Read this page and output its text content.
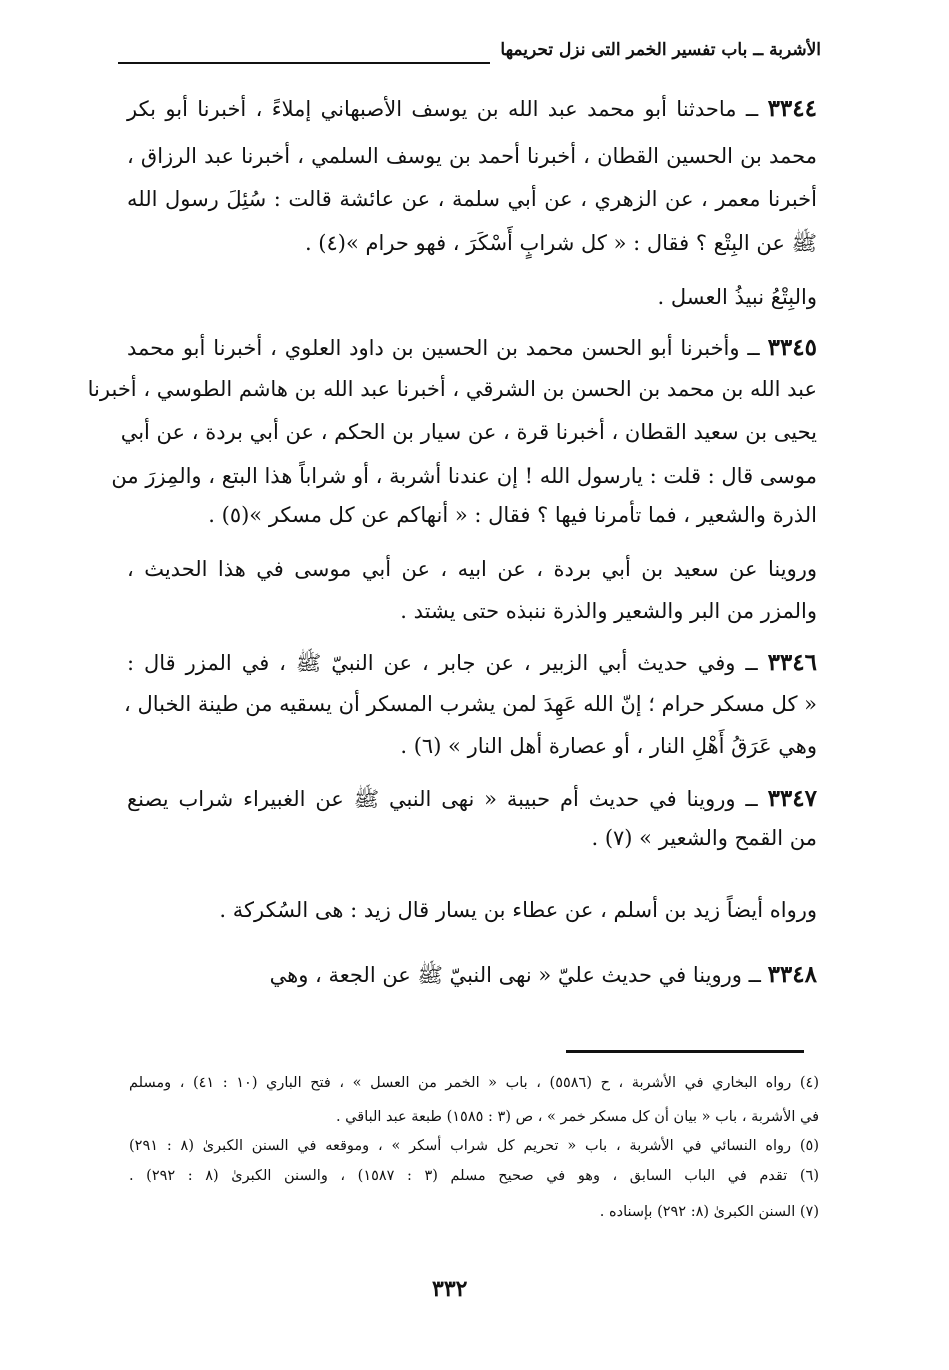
الأشربة ــ باب تفسير الخمر التى نزل تحريمها
٣٣٤٤ ــ ماحدثنا أبو محمد عبد الله بن يوسف الأصبهاني إملاءً ، أخبرنا أبو بكر
محمد بن الحسين القطان ، أخبرنا أحمد بن يوسف السلمي ، أخبرنا عبد الرزاق ،
أخبرنا معمر ، عن الزهري ، عن أبي سلمة ، عن عائشة قالت : سُئِلَ رسول الله
ﷺ عن البِتْع ؟ فقال : « كل شرابٍ أَسْكَرَ ، فهو حرام »(٤) .
والبِتْعُ نبيذُ العسل .
٣٣٤٥ ــ وأخبرنا أبو الحسن محمد بن الحسين بن داود العلوي ، أخبرنا أبو محمد
عبد الله بن محمد بن الحسن بن الشرقي ، أخبرنا عبد الله بن هاشم الطوسي ، أخبرنا
يحيى بن سعيد القطان ، أخبرنا قرة ، عن سيار بن الحكم ، عن أبي بردة ، عن أبي
موسى قال : قلت : يارسول الله ! إن عندنا أشربة ، أو شراباً هذا البتع ، والمِزرَ من
الذرة والشعير ، فما تأمرنا فيها ؟ فقال : « أنهاكم عن كل مسكر »(٥) .
وروينا عن سعيد بن أبي بردة ، عن ابيه ، عن أبي موسى في هذا الحديث ،
والمزر من البر والشعير والذرة ننبذه حتى يشتد .
٣٣٤٦ ــ وفي حديث أبي الزبير ، عن جابر ، عن النبيّ ﷺ ، في المزر قال :
« كل مسكر حرام ؛ إنّ الله عَهِدَ لمن يشرب المسكر أن يسقيه من طينة الخبال ،
وهي عَرَقُ أَهْلِ النار ، أو عصارة أهل النار » (٦) .
٣٣٤٧ ــ وروينا في حديث أم حبيبة « نهى النبي ﷺ عن الغبيراء شراب يصنع
من القمح والشعير » (٧) .
ورواه أيضاً زيد بن أسلم ، عن عطاء بن يسار قال زيد : هى السُكركة .
٣٣٤٨ ــ وروينا في حديث عليّ « نهى النبيّ ﷺ عن الجعة ، وهي
(٤) رواه البخاري في الأشربة ، ح (٥٥٨٦) ، باب « الخمر من العسل » ، فتح الباري (١٠ : ٤١) ، ومسلم
في الأشربة ، باب « بيان أن كل مسكر خمر » ، ص (٣ : ١٥٨٥) طبعة عبد الباقي .
(٥) رواه النسائي في الأشربة ، باب « تحريم كل شراب أسكر » ، وموقعه في السنن الكبرىٰ (٨ : ٢٩١)
(٦) تقدم في الباب السابق ، وهو في صحيح مسلم (٣ : ١٥٨٧) ، والسنن الكبرىٰ (٨ : ٢٩٢) .
(٧) السنن الكبرىٰ (٨: ٢٩٢) بإسناده .
٣٣٢
